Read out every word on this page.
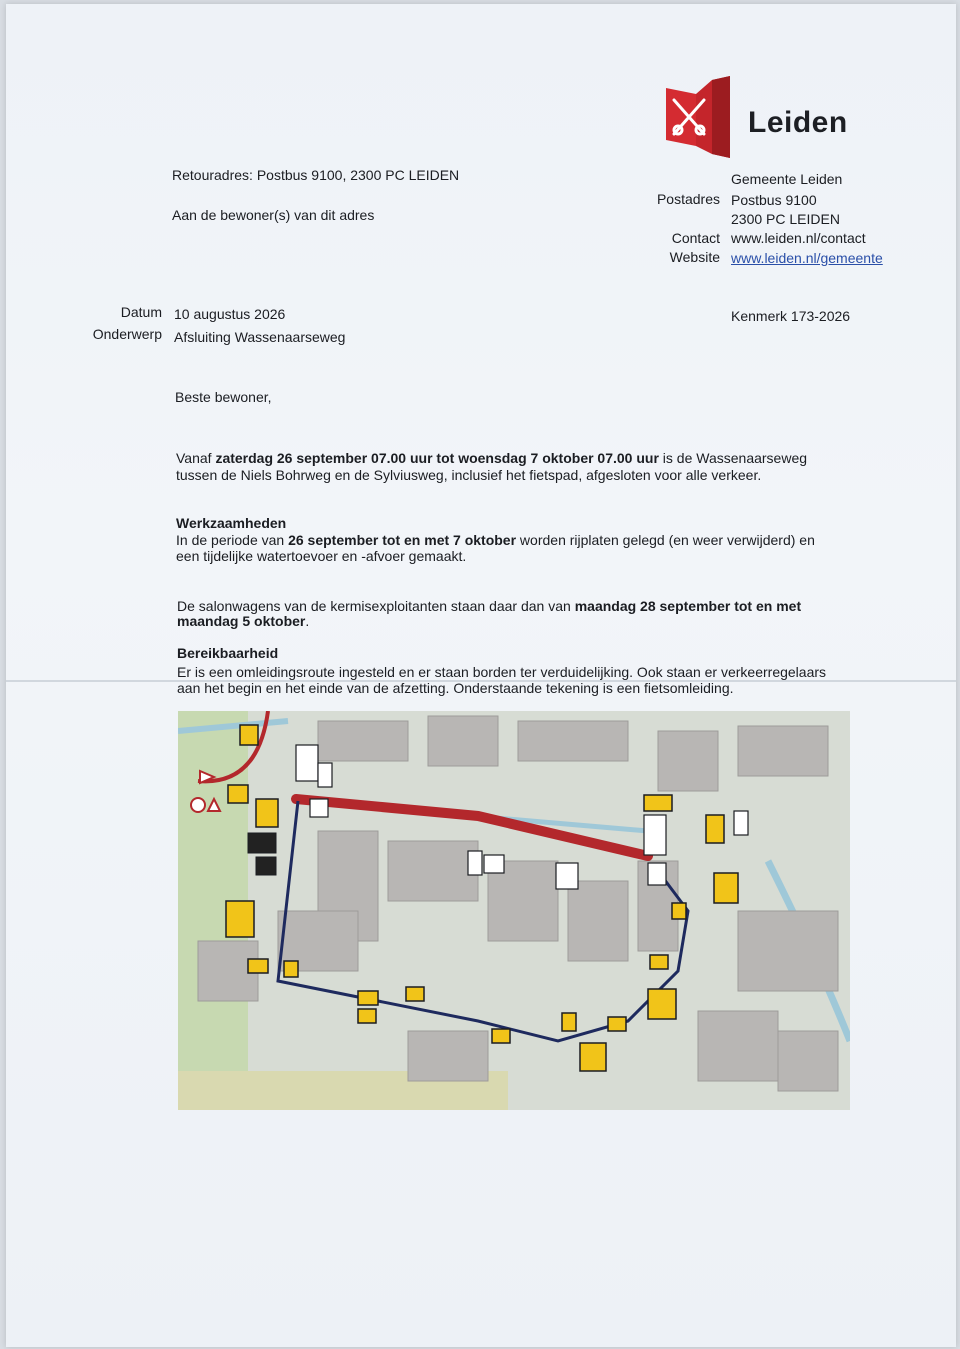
Leiden
Retouradres: Postbus 9100, 2300 PC LEIDEN
Aan de bewoner(s) van dit adres
Gemeente Leiden
Postadres Postbus 9100
2300 PC LEIDEN
Contact www.leiden.nl/contact
Website www.leiden.nl/gemeente
Datum 10 augustus 2026
Onderwerp Afsluiting Wassenaarseweg
Kenmerk 173-2026
Beste bewoner,
Vanaf zaterdag 26 september 07.00 uur tot woensdag 7 oktober 07.00 uur is de Wassenaarseweg
tussen de Niels Bohrweg en de Sylviusweg, inclusief het fietspad, afgesloten voor alle verkeer.
Werkzaamheden
In de periode van 26 september tot en met 7 oktober worden rijplaten gelegd (en weer verwijderd) en
een tijdelijke watertoevoer en -afvoer gemaakt.
De salonwagens van de kermisexploitanten staan daar dan van maandag 28 september tot en met
maandag 5 oktober.
Bereikbaarheid
Er is een omleidingsroute ingesteld en er staan borden ter verduidelijking. Ook staan er verkeerregelaars
aan het begin en het einde van de afzetting. Onderstaande tekening is een fietsomleiding.
